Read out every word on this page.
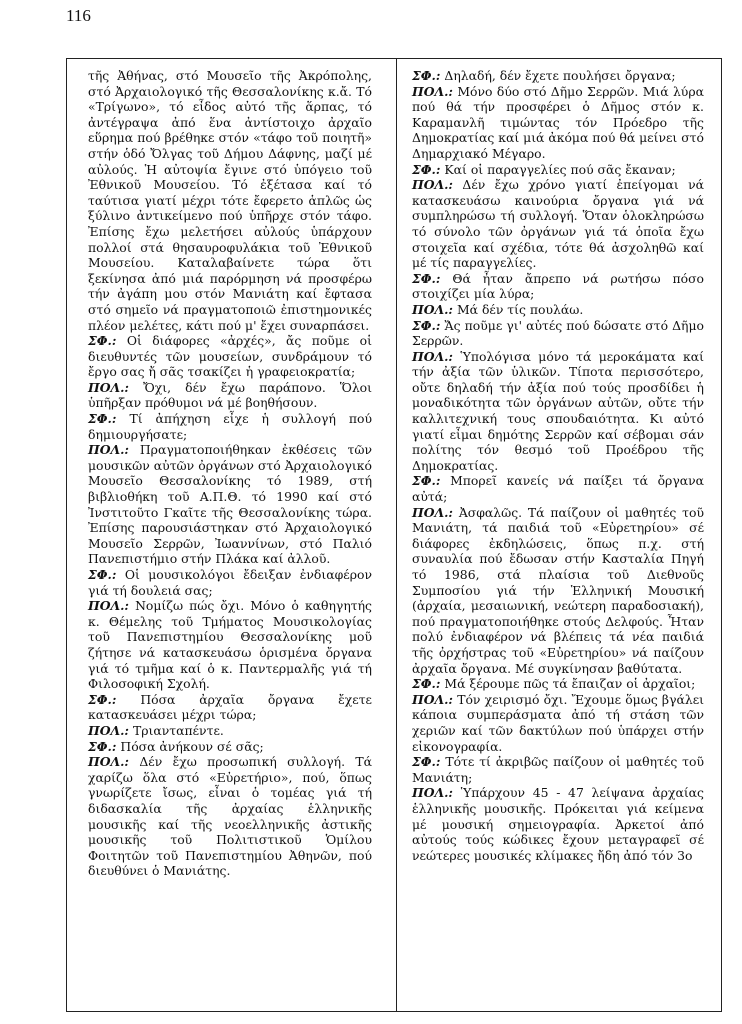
116

τῆς Ἀθήνας, στό Μουσεῖο τῆς Ἀκρόπολης, στό Ἀρχαιολογικό τῆς Θεσσαλονίκης κ.ἄ. Τό «Τρίγωνο», τό εἶδος αὐτό τῆς ἅρπας, τό ἀντέγραψα ἀπό ἕνα ἀντίστοιχο ἀρχαῖο εὕρημα πού βρέθηκε στόν «τάφο τοῦ ποιητῆ» στήν ὁδό Ὄλγας τοῦ Δήμου Δάφνης, μαζί μέ αὐλούς. Ἡ αὐτοψία ἔγινε στό ὑπόγειο τοῦ Ἐθνικοῦ Μουσείου. Τό ἐξέτασα καί τό ταύτισα γιατί μέχρι τότε ἔφερετο ἁπλῶς ὡς ξύλινο ἀντικείμενο πού ὑπῆρχε στόν τάφο. Ἐπίσης ἔχω μελετήσει αὐλούς ὑπάρχουν πολλοί στά θησαυροφυλάκια τοῦ Ἐθνικοῦ Μουσείου. Καταλαβαίνετε τώρα ὅτι ξεκίνησα ἀπό μιά παρόρμηση νά προσφέρω τήν ἀγάπη μου στόν Μανιάτη καί ἔφτασα στό σημεῖο νά πραγματοποιῶ ἐπιστημονικές πλέον μελέτες, κάτι πού μ' ἔχει συναρπάσει.

ΣΦ.: Οἱ διάφορες «ἀρχές», ἄς ποῦμε οἱ διευθυντές τῶν μουσείων, συνδράμουν τό ἔργο σας ἤ σᾶς τσακίζει ἡ γραφειοκρατία;

ΠΟΛ.: Ὄχι, δέν ἔχω παράπονο. Ὅλοι ὑπῆρξαν πρόθυμοι νά μέ βοηθήσουν.

ΣΦ.: Τί ἀπήχηση εἶχε ἡ συλλογή πού δημιουργήσατε;

ΠΟΛ.: Πραγματοποιήθηκαν ἐκθέσεις τῶν μουσικῶν αὐτῶν ὀργάνων στό Ἀρχαιολογικό Μουσεῖο Θεσσαλονίκης τό 1989, στή βιβλιοθήκη τοῦ Α.Π.Θ. τό 1990 καί στό Ἰνστιτοῦτο Γκαῖτε τῆς Θεσσαλονίκης τώρα. Ἐπίσης παρουσιάστηκαν στό Ἀρχαιολογικό Μουσεῖο Σερρῶν, Ἰωαννίνων, στό Παλιό Πανεπιστήμιο στήν Πλάκα καί ἀλλοῦ.

ΣΦ.: Οἱ μουσικολόγοι ἔδειξαν ἐνδιαφέρον γιά τή δουλειά σας;

ΠΟΛ.: Νομίζω πώς ὄχι. Μόνο ὁ καθηγητής κ. Θέμελης τοῦ Τμήματος Μουσικολογίας τοῦ Πανεπιστημίου Θεσσαλονίκης μοῦ ζήτησε νά κατασκευάσω ὁρισμένα ὄργανα γιά τό τμῆμα καί ὁ κ. Παντερμαλῆς γιά τή Φιλοσοφική Σχολή.

ΣΦ.: Πόσα ἀρχαῖα ὄργανα ἔχετε κατασκευάσει μέχρι τώρα;

ΠΟΛ.: Τριανταπέντε.

ΣΦ.: Πόσα ἀνήκουν σέ σᾶς;

ΠΟΛ.: Δέν ἔχω προσωπική συλλογή. Τά χαρίζω ὅλα στό «Εὐρετήριο», πού, ὅπως γνωρίζετε ἴσως, εἶναι ὁ τομέας γιά τή διδασκαλία τῆς ἀρχαίας ἑλληνικῆς μουσικῆς καί τῆς νεοελληνικῆς ἀστικῆς μουσικῆς τοῦ Πολιτιστικοῦ Ὁμίλου Φοιτητῶν τοῦ Πανεπιστημίου Ἀθηνῶν, πού διευθύνει ὁ Μανιάτης.

ΣΦ.: Δηλαδή, δέν ἔχετε πουλήσει ὄργανα;

ΠΟΛ.: Μόνο δύο στό Δῆμο Σερρῶν. Μιά λύρα πού θά τήν προσφέρει ὁ Δῆμος στόν κ. Καραμανλῆ τιμώντας τόν Πρόεδρο τῆς Δημοκρατίας καί μιά ἀκόμα πού θά μείνει στό Δημαρχιακό Μέγαρο.

ΣΦ.: Καί οἱ παραγγελίες πού σᾶς ἔκαναν;

ΠΟΛ.: Δέν ἔχω χρόνο γιατί ἐπείγομαι νά κατασκευάσω καινούρια ὄργανα γιά νά συμπληρώσω τή συλλογή. Ὅταν ὁλοκληρώσω τό σύνολο τῶν ὀργάνων γιά τά ὁποῖα ἔχω στοιχεῖα καί σχέδια, τότε θά ἀσχοληθῶ καί μέ τίς παραγγελίες.

ΣΦ.: Θά ἦταν ἄπρεπο νά ρωτήσω πόσο στοιχίζει μία λύρα;

ΠΟΛ.: Μά δέν τίς πουλάω.

ΣΦ.: Ἄς ποῦμε γι' αὐτές πού δώσατε στό Δῆμο Σερρῶν.

ΠΟΛ.: Ὑπολόγισα μόνο τά μεροκάματα καί τήν ἀξία τῶν ὑλικῶν. Τίποτα περισσότερο, οὔτε δηλαδή τήν ἀξία πού τούς προσδίδει ἡ μοναδικότητα τῶν ὀργάνων αὐτῶν, οὔτε τήν καλλιτεχνική τους σπουδαιότητα. Κι αὐτό γιατί εἶμαι δημότης Σερρῶν καί σέβομαι σάν πολίτης τόν θεσμό τοῦ Προέδρου τῆς Δημοκρατίας.

ΣΦ.: Μπορεῖ κανείς νά παίξει τά ὄργανα αὐτά;

ΠΟΛ.: Ἀσφαλῶς. Τά παίζουν οἱ μαθητές τοῦ Μανιάτη, τά παιδιά τοῦ «Εὐρετηρίου» σέ διάφορες ἐκδηλώσεις, ὅπως π.χ. στή συναυλία πού ἔδωσαν στήν Κασταλία Πηγή τό 1986, στά πλαίσια τοῦ Διεθνοῦς Συμποσίου γιά τήν Ἑλληνική Μουσική (ἀρχαία, μεσαιωνική, νεώτερη παραδοσιακή), πού πραγματοποιήθηκε στούς Δελφούς. Ἦταν πολύ ἐνδιαφέρον νά βλέπεις τά νέα παιδιά τῆς ὀρχήστρας τοῦ «Εὐρετηρίου» νά παίζουν ἀρχαῖα ὄργανα. Μέ συγκίνησαν βαθύτατα.

ΣΦ.: Μά ξέρουμε πῶς τά ἔπαιζαν οἱ ἀρχαῖοι;

ΠΟΛ.: Τόν χειρισμό ὄχι. Ἔχουμε ὅμως βγάλει κάποια συμπεράσματα ἀπό τή στάση τῶν χεριῶν καί τῶν δακτύλων πού ὑπάρχει στήν εἰκονογραφία.

ΣΦ.: Τότε τί ἀκριβῶς παίζουν οἱ μαθητές τοῦ Μανιάτη;

ΠΟΛ.: Ὑπάρχουν 45 - 47 λείψανα ἀρχαίας ἑλληνικῆς μουσικῆς. Πρόκειται γιά κείμενα μέ μουσική σημειογραφία. Ἀρκετοί ἀπό αὐτούς τούς κώδικες ἔχουν μεταγραφεῖ σέ νεώτερες μουσικές κλίμακες ἤδη ἀπό τόν 3ο
